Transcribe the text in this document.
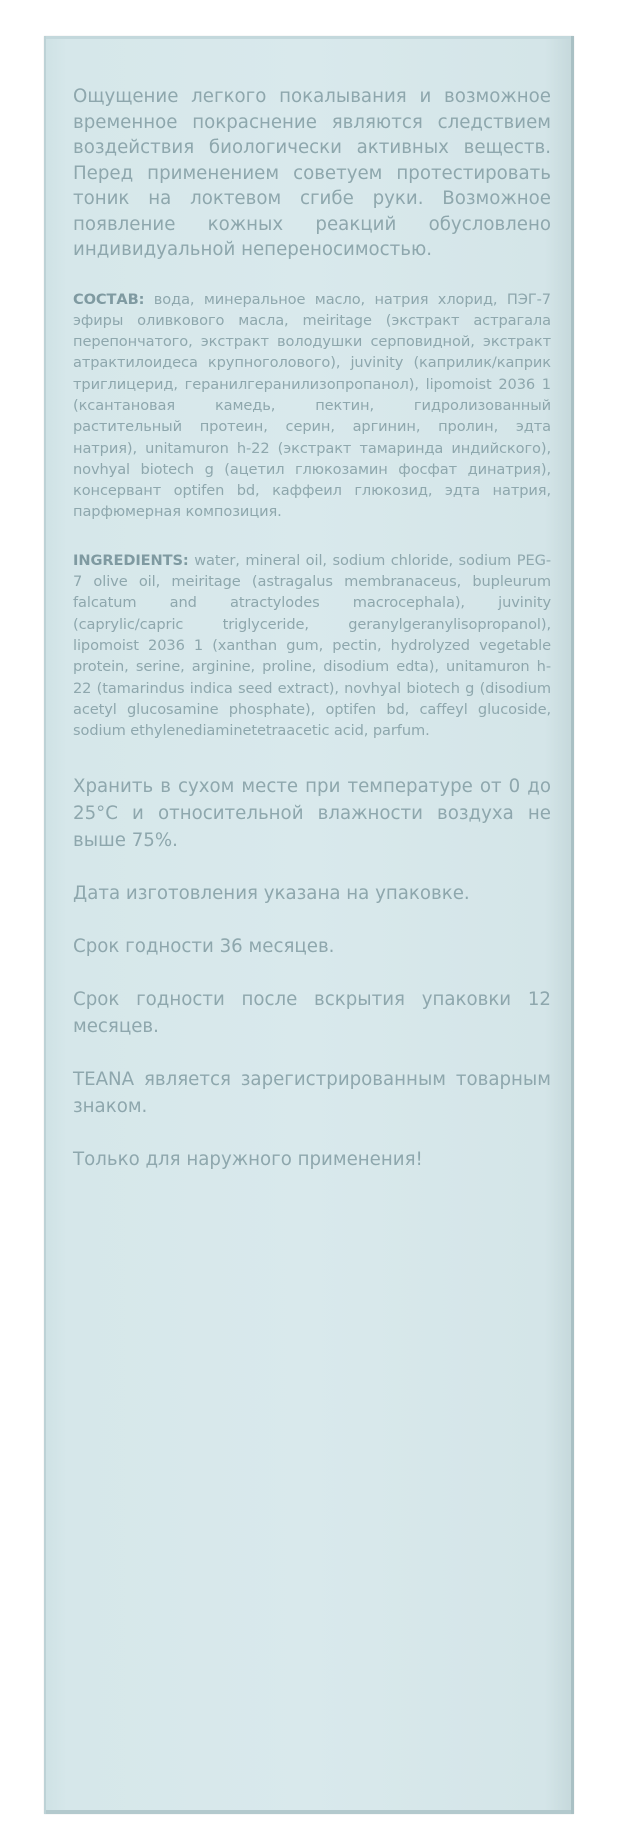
Ощущение легкого покалывания и возможное временное покраснение являются следствием воздействия биологически активных веществ. Перед применением советуем протестировать тоник на локтевом сгибе руки. Возможное появление кожных реакций обусловлено индивидуальной непереносимостью.

СОСТАВ: вода, минеральное масло, натрия хлорид, ПЭГ-7 эфиры оливкового масла, meiritage (экстракт астрагала перепончатого, экстракт володушки серповидной, экстракт атрактилоидеса крупноголового), juvinity (каприлик/каприк триглицерид, геранилгеранилизопропанол), lipomoist 2036 1 (ксантановая камедь, пектин, гидролизованный растительный протеин, серин, аргинин, пролин, эдта натрия), unitamuron h-22 (экстракт тамаринда индийского), novhyal biotech g (ацетил глюкозамин фосфат динатрия), консервант optifen bd, каффеил глюкозид, эдта натрия, парфюмерная композиция.

INGREDIENTS: water, mineral oil, sodium chloride, sodium PEG-7 olive oil, meiritage (astragalus membranaceus, bupleurum falcatum and atractylodes macrocephala), juvinity (caprylic/capric triglyceride, geranylgeranylisopropanol), lipomoist 2036 1 (xanthan gum, pectin, hydrolyzed vegetable protein, serine, arginine, proline, disodium edta), unitamuron h-22 (tamarindus indica seed extract), novhyal biotech g (disodium acetyl glucosamine phosphate), optifen bd, caffeyl glucoside, sodium ethylenediaminetetraacetic acid, parfum.

Хранить в сухом месте при температуре от 0 до 25°C и относительной влажности воздуха не выше 75%.

Дата изготовления указана на упаковке.

Срок годности 36 месяцев.

Срок годности после вскрытия упаковки 12 месяцев.

TEANA является зарегистрированным товарным знаком.

Только для наружного применения!
